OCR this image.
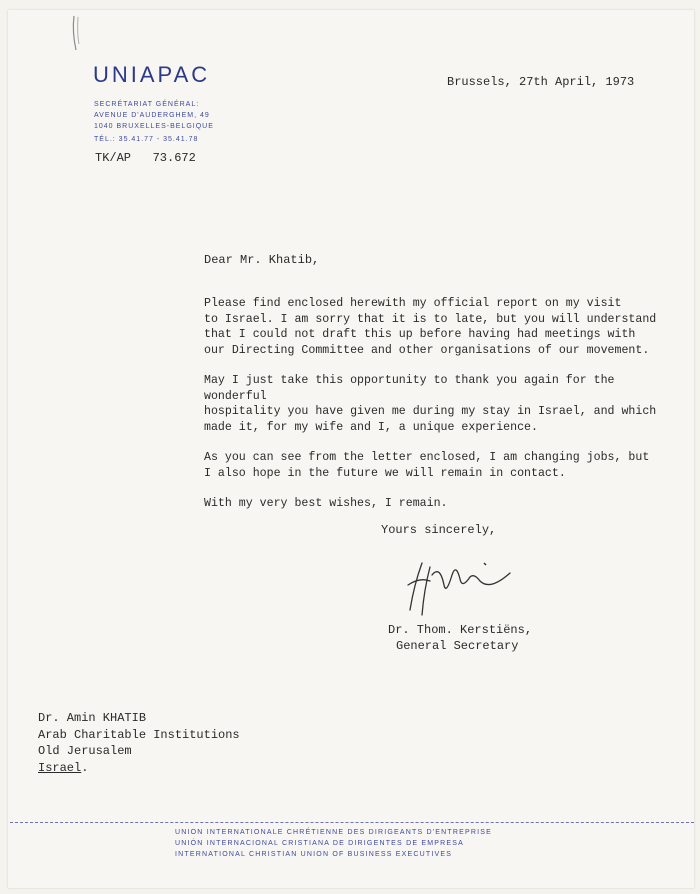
UNIAPAC
SECRÉTARIAT GÉNÉRAL:
AVENUE D'AUDERGHEM, 49
1040 BRUXELLES-BELGIQUE
TÉL.: 35.41.77 - 35.41.78
TK/AP   73.672
Brussels, 27th April, 1973
Dear Mr. Khatib,

Please find enclosed herewith my official report on my visit
to Israel. I am sorry that it is to late, but you will understand
that I could not draft this up before having had meetings with
our Directing Committee and other organisations of our movement.

May I just take this opportunity to thank you again for the wonderful
hospitality you have given me during my stay in Israel, and which
made it, for my wife and I, a unique experience.

As you can see from the letter enclosed, I am changing jobs, but
I also hope in the future we will remain in contact.

With my very best wishes, I remain.

Yours sincerely,
Dr. Thom. Kerstiëns,
General Secretary
Dr. Amin KHATIB
Arab Charitable Institutions
Old Jerusalem
Israel.
UNION INTERNATIONALE CHRÉTIENNE DES DIRIGEANTS D'ENTREPRISE
UNIÓN INTERNACIONAL CRISTIANA DE DIRIGENTES DE EMPRESA
INTERNATIONAL CHRISTIAN UNION OF BUSINESS EXECUTIVES
